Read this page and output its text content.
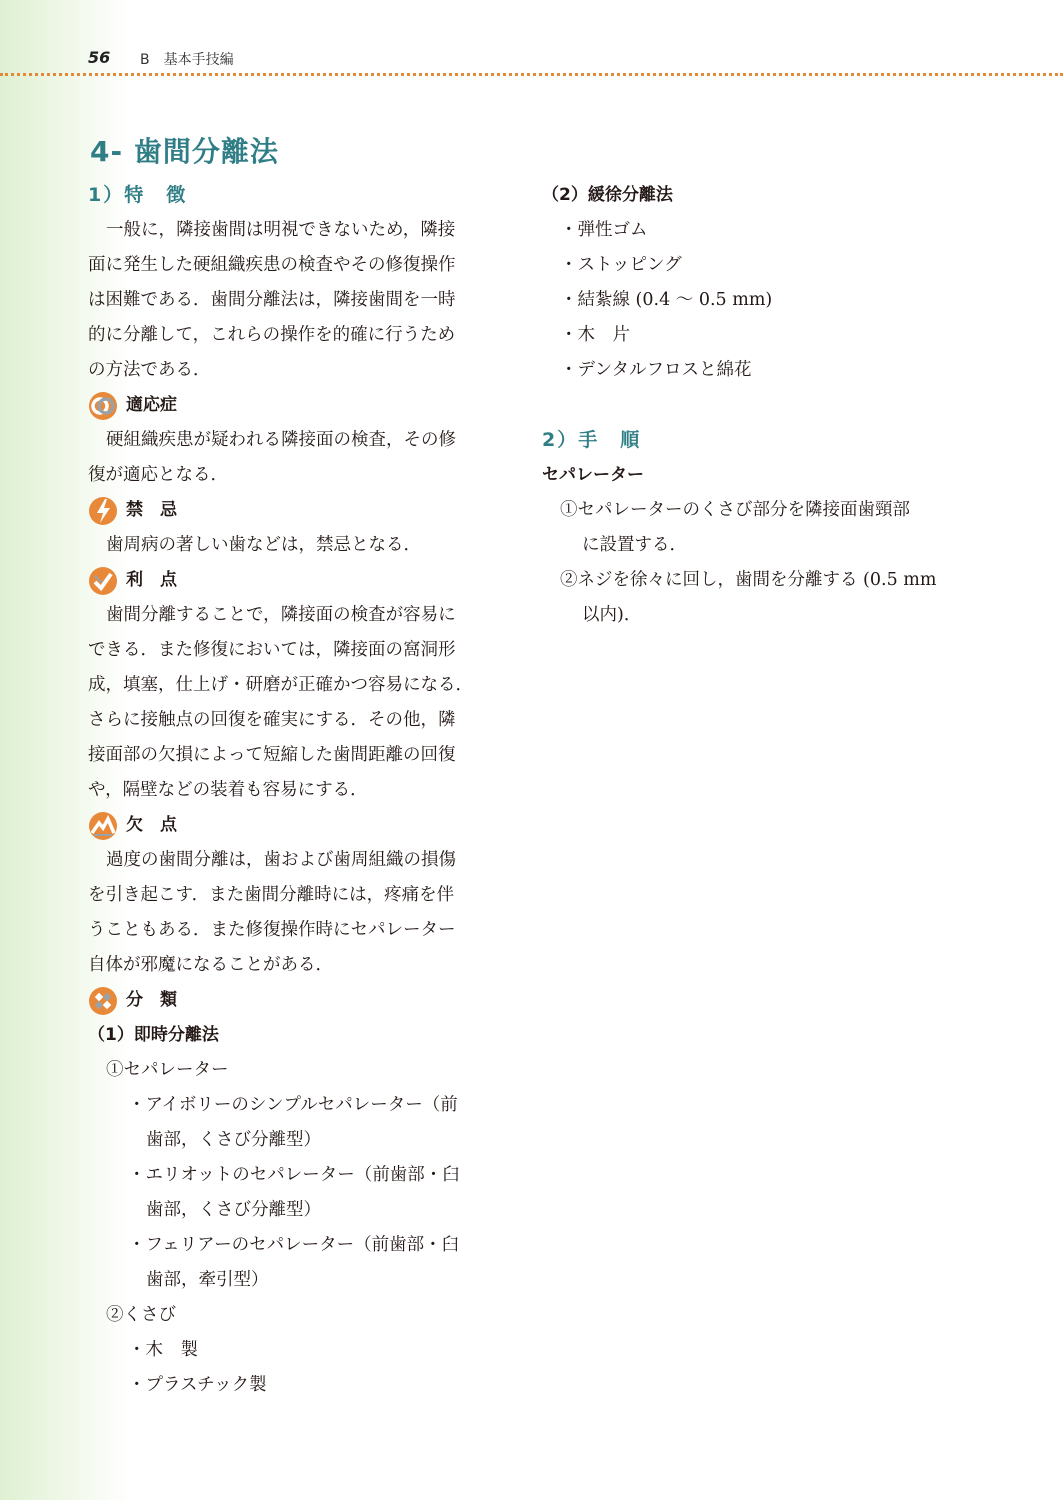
56 B　基本手技編
4- 歯間分離法
1）特　徴
一般に，隣接歯間は明視できないため，隣接
面に発生した硬組織疾患の検査やその修復操作
は困難である．歯間分離法は，隣接歯間を一時
的に分離して，これらの操作を的確に行うため
の方法である．
適応症
硬組織疾患が疑われる隣接面の検査，その修
復が適応となる．
禁　忌
歯周病の著しい歯などは，禁忌となる．
利　点
歯間分離することで，隣接面の検査が容易に
できる．また修復においては，隣接面の窩洞形
成，填塞，仕上げ・研磨が正確かつ容易になる．
さらに接触点の回復を確実にする．その他，隣
接面部の欠損によって短縮した歯間距離の回復
や，隔壁などの装着も容易にする．
欠　点
過度の歯間分離は，歯および歯周組織の損傷
を引き起こす．また歯間分離時には，疼痛を伴
うこともある．また修復操作時にセパレーター
自体が邪魔になることがある．
分　類
（1）即時分離法
①セパレーター
・アイボリーのシンプルセパレーター（前
歯部，くさび分離型）
・エリオットのセパレーター（前歯部・臼
歯部，くさび分離型）
・フェリアーのセパレーター（前歯部・臼
歯部，牽引型）
②くさび
・木　製
・プラスチック製
（2）緩徐分離法
・弾性ゴム
・ストッピング
・結紮線 (0.4 〜 0.5 mm)
・木　片
・デンタルフロスと綿花
2）手　順
セパレーター
①セパレーターのくさび部分を隣接面歯頸部
に設置する．
②ネジを徐々に回し，歯間を分離する (0.5 mm
以内)．
